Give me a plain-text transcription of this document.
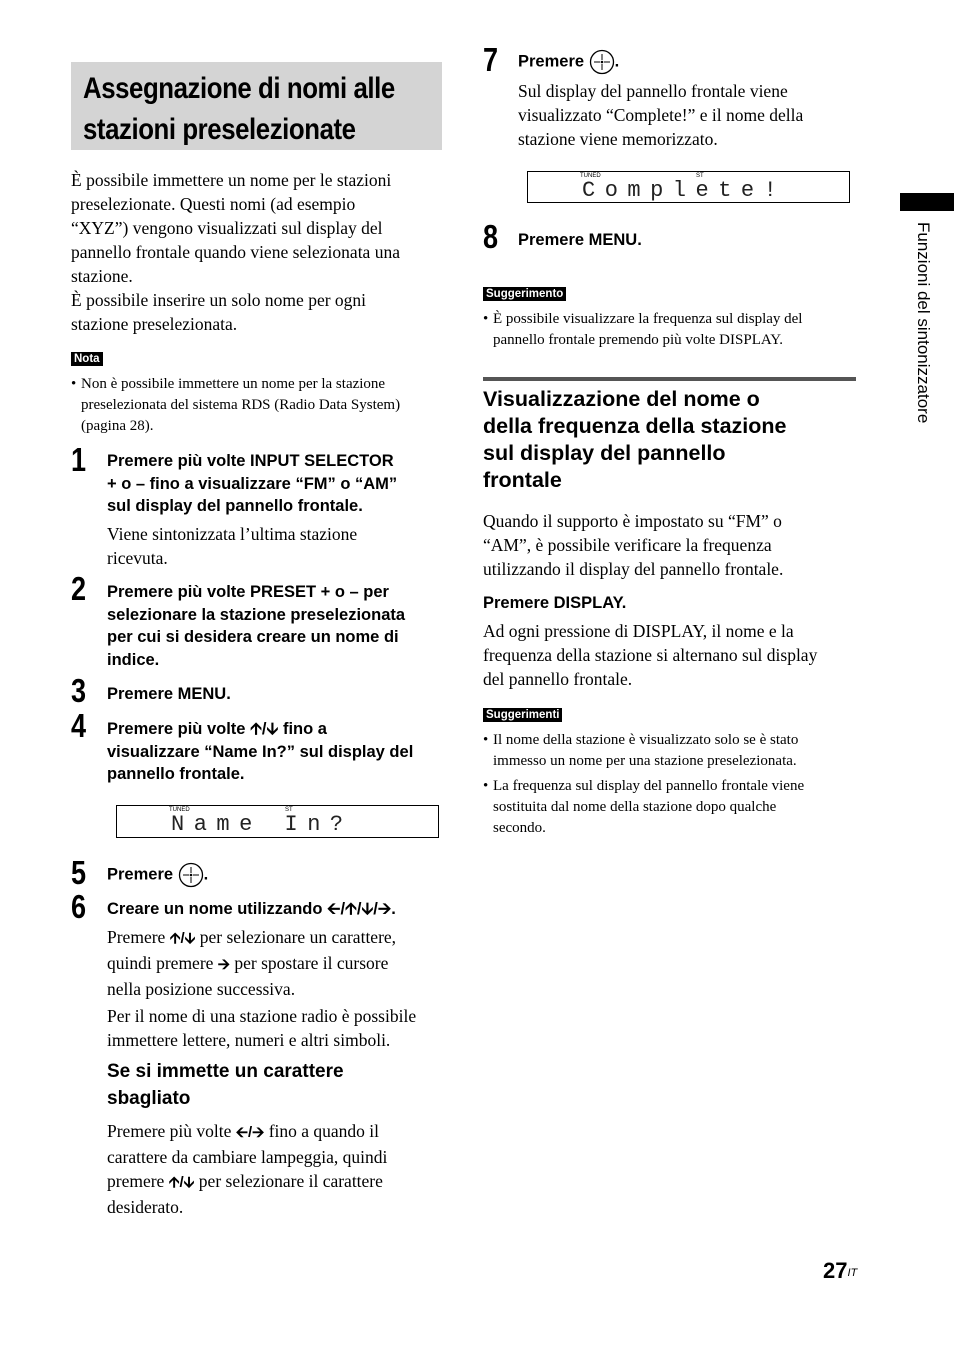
Assegnazione di nomi alle
stazioni preselezionate
È possibile immettere un nome per le stazioni
preselezionate. Questi nomi (ad esempio
“XYZ”) vengono visualizzati sul display del
pannello frontale quando viene selezionata una
stazione.
È possibile inserire un solo nome per ogni
stazione preselezionata.
Nota
• Non è possibile immettere un nome per la stazione
preselezionata del sistema RDS (Radio Data System)
(pagina 28).
1 Premere più volte INPUT SELECTOR
+ o – fino a visualizzare “FM” o “AM”
sul display del pannello frontale.
Viene sintonizzata l’ultima stazione
ricevuta.
2 Premere più volte PRESET + o – per
selezionare la stazione preselezionata
per cui si desidera creare un nome di
indice.
3 Premere MENU.
4 Premere più volte 🡩/🡫 fino a
visualizzare “Name In?” sul display del
pannello frontale.
TUNED	ST
Name In?
5 Premere .
6 Creare un nome utilizzando 🡨/🡩/🡫/🡪.
Premere 🡩/🡫 per selezionare un carattere,
quindi premere 🡪 per spostare il cursore
nella posizione successiva.
Per il nome di una stazione radio è possibile
immettere lettere, numeri e altri simboli.
Se si immette un carattere
sbagliato
Premere più volte 🡨/🡪 fino a quando il
carattere da cambiare lampeggia, quindi
premere 🡩/🡫 per selezionare il carattere
desiderato.
7 Premere .
Sul display del pannello frontale viene
visualizzato “Complete!” e il nome della
stazione viene memorizzato.
TUNED	ST
Complete!
8 Premere MENU.
Suggerimento
• È possibile visualizzare la frequenza sul display del
pannello frontale premendo più volte DISPLAY.
Visualizzazione del nome o
della frequenza della stazione
sul display del pannello
frontale
Quando il supporto è impostato su “FM” o
“AM”, è possibile verificare la frequenza
utilizzando il display del pannello frontale.
Premere DISPLAY.
Ad ogni pressione di DISPLAY, il nome e la
frequenza della stazione si alternano sul display
del pannello frontale.
Suggerimenti
• Il nome della stazione è visualizzato solo se è stato
immesso un nome per una stazione preselezionata.
• La frequenza sul display del pannello frontale viene
sostituita dal nome della stazione dopo qualche
secondo.
Funzioni del sintonizzatore
$27^{IT}$
